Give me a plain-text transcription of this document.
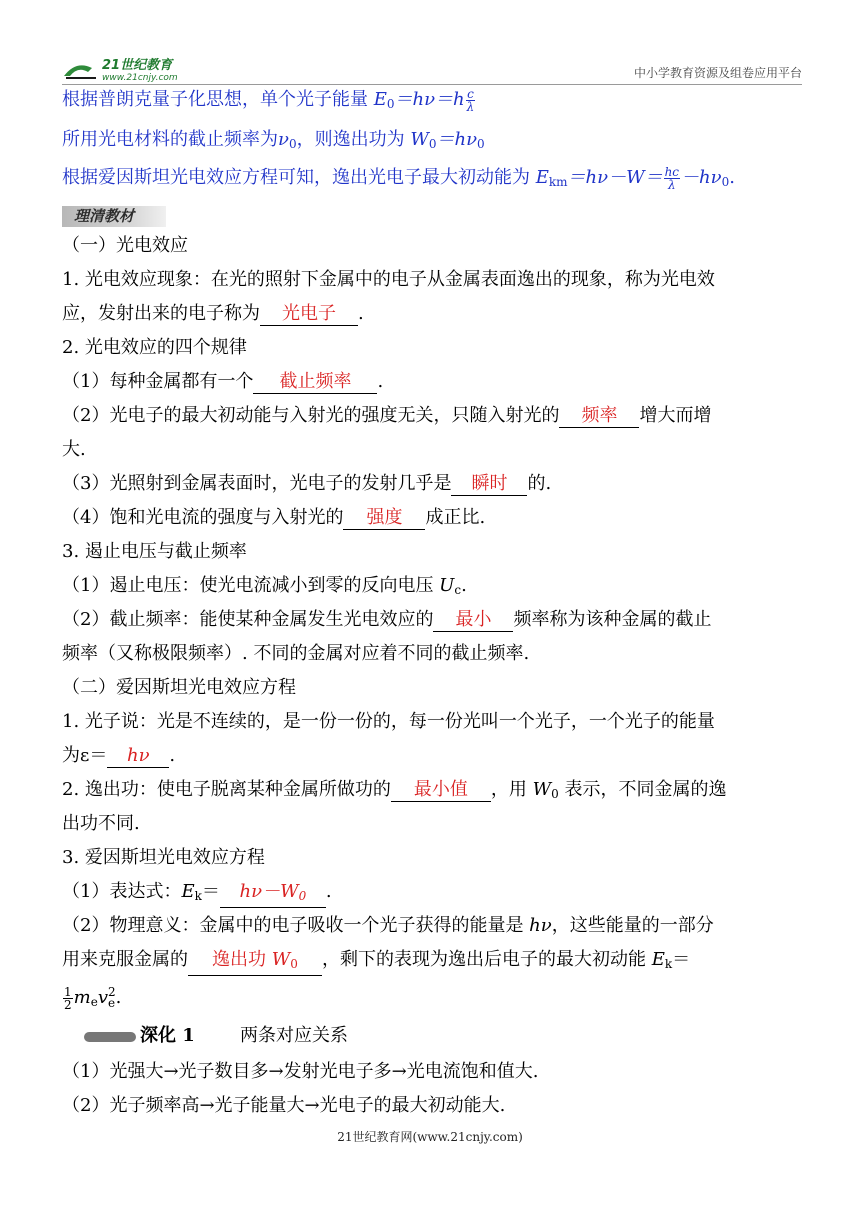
21世纪教育
www.21cnjy.com	中小学教育资源及组卷应用平台
根据普朗克量子化思想，单个光子能量 $E_0=h\nu=h \frac{c}{\lambda}$
所用光电材料的截止频率为$\nu_0$，则逸出功为 $W_0=h\nu_0$
根据爱因斯坦光电效应方程可知，逸出光电子最大初动能为 $E_{km}=h\nu-W= \frac{hc}{\lambda} -h\nu_0$.
理清教材
（一）光电效应
1. 光电效应现象：在光的照射下金属中的电子从金属表面逸出的现象，称为光电效
应，发射出来的电子称为 光电子 .
2. 光电效应的四个规律
（1）每种金属都有一个 截止频率 .
（2）光电子的最大初动能与入射光的强度无关，只随入射光的 频率 增大而增
大.
（3）光照射到金属表面时，光电子的发射几乎是 瞬时 的.
（4）饱和光电流的强度与入射光的 强度 成正比.
3. 遏止电压与截止频率
（1）遏止电压：使光电流减小到零的反向电压 $U_c$.
（2）截止频率：能使某种金属发生光电效应的 最小 频率称为该种金属的截止
频率（又称极限频率）. 不同的金属对应着不同的截止频率.
（二）爱因斯坦光电效应方程
1. 光子说：光是不连续的，是一份一份的，每一份光叫一个光子，一个光子的能量
为ε＝ hν .
2. 逸出功：使电子脱离某种金属所做功的 最小值 ，用 $W_0$ 表示，不同金属的逸
出功不同.
3. 爱因斯坦光电效应方程
（1）表达式：$E_k= h\nu-W_0$ .
（2）物理意义：金属中的电子吸收一个光子获得的能量是 hν，这些能量的一部分
用来克服金属的 逸出功 $W_0$ ，剩下的表现为逸出后电子的最大初动能 $E_k=$
$\frac{1}{2} m_ev$ 2
e .
深化 1	两条对应关系
（1）光强大→光子数目多→发射光电子多→光电流饱和值大.
（2）光子频率高→光子能量大→光电子的最大初动能大.
21世纪教育网(www.21cnjy.com)
